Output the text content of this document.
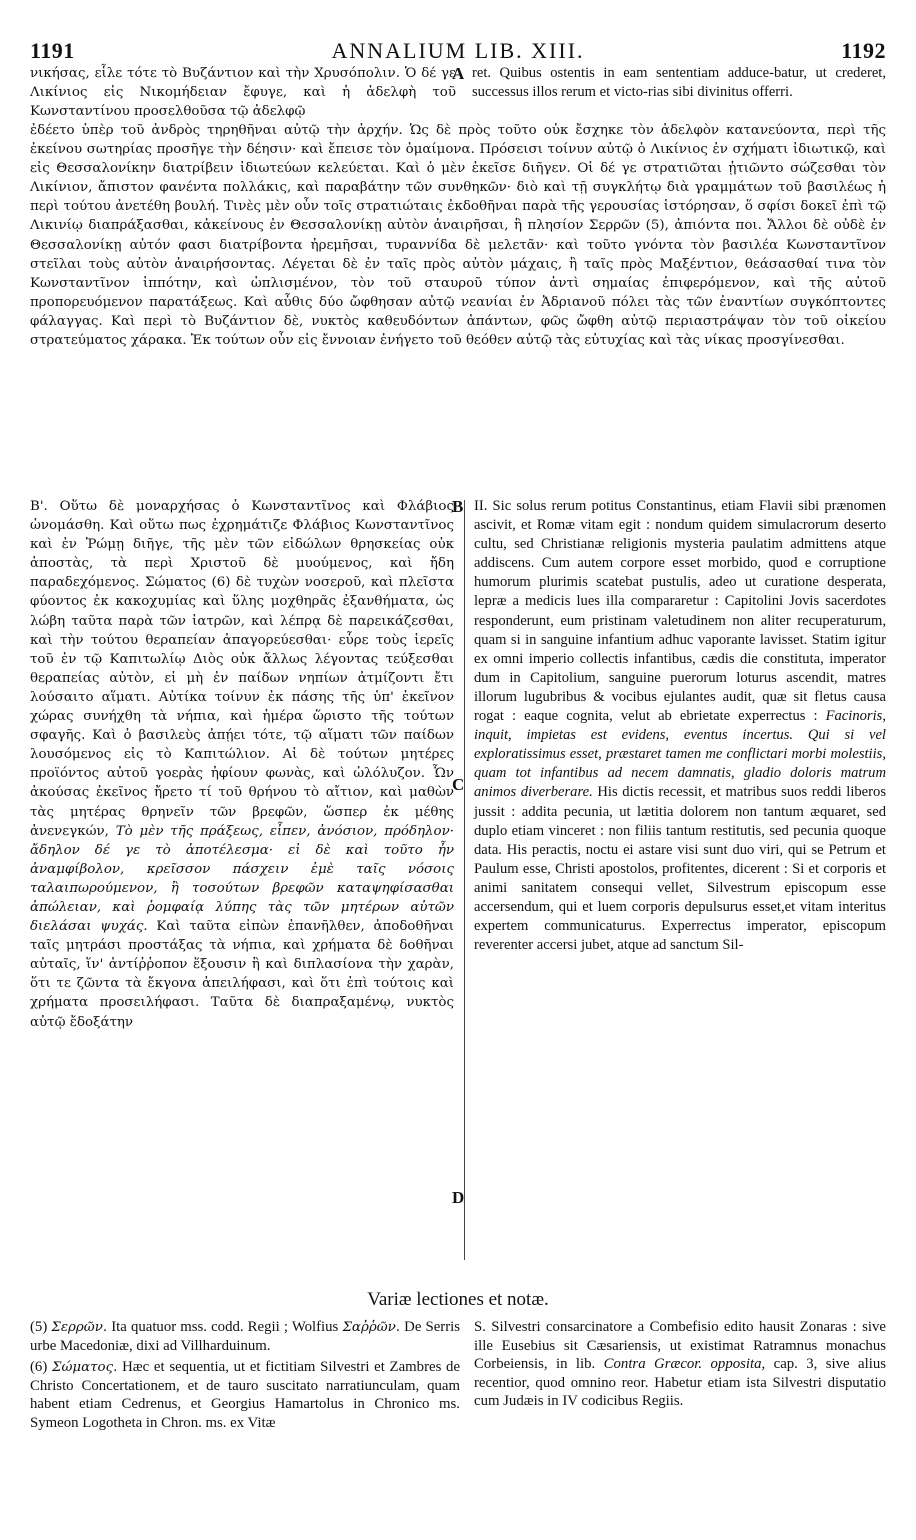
1191	ANNALIUM LIB. XIII.	1192

νικήσας, εἷλε τότε τὸ Βυζάντιον καὶ τὴν Χρυσόπολιν. Ὁ δέ γε Λικίνιος εἰς Νικομήδειαν ἔφυγε, καὶ ἡ ἀδελφὴ τοῦ Κωνσταντίνου προσελθοῦσα τῷ ἀδελφῷ

ret. Quibus ostentis in eam sententiam adduce-batur, ut crederet, successus illos rerum et victo-rias sibi divinitus offerri.

A

ἐδέετο ὑπὲρ τοῦ ἀνδρὸς τηρηθῆναι αὐτῷ τὴν ἀρχήν. Ὡς δὲ πρὸς τοῦτο οὐκ ἔσχηκε τὸν ἀδελφὸν κατανεύοντα, περὶ τῆς ἐκείνου σωτηρίας προσῆγε τὴν δέησιν· καὶ ἔπεισε τὸν ὁμαίμονα. Πρόσεισι τοίνυν αὐτῷ ὁ Λικίνιος ἐν σχήματι ἰδιωτικῷ, καὶ εἰς Θεσσαλονίκην διατρίβειν ἰδιωτεύων κελεύεται. Καὶ ὁ μὲν ἐκεῖσε διῆγεν. Οἱ δέ γε στρατιῶται ᾐτιῶντο σώζεσθαι τὸν Λικίνιον, ἄπιστον φανέντα πολλάκις, καὶ παραβάτην τῶν συνθηκῶν· διὸ καὶ τῇ συγκλήτῳ διὰ γραμμάτων τοῦ βασιλέως ἡ περὶ τούτου ἀνετέθη βουλή. Τινὲς μὲν οὖν τοῖς στρατιώταις ἐκδοθῆναι παρὰ τῆς γερουσίας ἱστόρησαν, ὅ σφίσι δοκεῖ ἐπὶ τῷ Λικινίῳ διαπράξασθαι, κἀκείνους ἐν Θεσσαλονίκῃ αὐτὸν ἀναιρῆσαι, ἢ πλησίον Σερρῶν (5), ἀπιόντα ποι. Ἄλλοι δὲ οὐδὲ ἐν Θεσσαλονίκῃ αὐτόν φασι διατρίβοντα ἠρεμῆσαι, τυραννίδα δὲ μελετᾶν· καὶ τοῦτο γνόντα τὸν βασιλέα Κωνσταντῖνον στεῖλαι τοὺς αὐτὸν ἀναιρήσοντας. Λέγεται δὲ ἐν ταῖς πρὸς αὐτὸν μάχαις, ἢ ταῖς πρὸς Μαξέντιον, θεάσασθαί τινα τὸν Κωνσταντῖνον ἱππότην, καὶ ὡπλισμένον, τὸν τοῦ σταυροῦ τύπον ἀντὶ σημαίας ἐπιφερόμενον, καὶ τῆς αὐτοῦ προπορευόμενον παρατάξεως. Καὶ αὖθις δύο ὤφθησαν αὐτῷ νεανίαι ἐν Ἀδριανοῦ πόλει τὰς τῶν ἐναντίων συγκόπτοντες φάλαγγας. Καὶ περὶ τὸ Βυζάντιον δὲ, νυκτὸς καθευδόντων ἁπάντων, φῶς ὤφθη αὐτῷ περιαστράψαν τὸν τοῦ οἰκείου στρατεύματος χάρακα. Ἐκ τούτων οὖν εἰς ἔννοιαν ἐνήγετο τοῦ θεόθεν αὐτῷ τὰς εὐτυχίας καὶ τὰς νίκας προσγίνεσθαι.

B

Β'. Οὕτω δὲ μοναρχήσας ὁ Κωνσταντῖνος καὶ Φλάβιος ὠνομάσθη. Καὶ οὕτω πως ἐχρημάτιζε Φλάβιος Κωνσταντῖνος καὶ ἐν Ῥώμῃ διῆγε, τῆς μὲν τῶν εἰδώλων θρησκείας οὐκ ἀποστὰς, τὰ περὶ Χριστοῦ δὲ μυούμενος, καὶ ἤδη παραδεχόμενος. Σώματος (6) δὲ τυχὼν νοσεροῦ, καὶ πλεῖστα φύοντος ἐκ κακοχυμίας καὶ ὕλης μοχθηρᾶς ἐξανθήματα, ὡς λώβη ταῦτα παρὰ τῶν ἰατρῶν, καὶ λέπρᾳ δὲ παρεικάζεσθαι, καὶ τὴν τούτου θεραπείαν ἀπαγορεύεσθαι· εὗρε τοὺς ἱερεῖς τοῦ ἐν τῷ Καπιτωλίῳ Διὸς οὐκ ἄλλως λέγοντας τεύξεσθαι θεραπείας αὐτὸν, εἰ μὴ ἐν παίδων νηπίων ἀτμίζοντι ἔτι λούσαιτο αἵματι. Αὐτίκα τοίνυν ἐκ πάσης τῆς ὑπ' ἐκεῖνον χώρας συνήχθη τὰ νήπια, καὶ ἡμέρα ὥριστο τῆς τούτων σφαγῆς. Καὶ ὁ βασιλεὺς ἀπῄει τότε, τῷ αἵματι τῶν παίδων λουσόμενος εἰς τὸ Καπιτώλιον. Αἱ δὲ τούτων μητέρες προϊόντος αὐτοῦ γοερὰς ἠφίουν φωνὰς, καὶ ὠλόλυζον. Ὧν ἀκούσας ἐκεῖνος ἤρετο τί τοῦ θρήνου τὸ αἴτιον, καὶ μαθὼν τὰς μητέρας θρηνεῖν τῶν βρεφῶν, ὥσπερ ἐκ μέθης ἀνενεγκών, Τὸ μὲν τῆς πράξεως, εἶπεν, ἀνόσιον, πρόδηλον· ἄδηλον δέ γε τὸ ἀποτέλεσμα· εἰ δὲ καὶ τοῦτο ἦν ἀναμφίβολον, κρεῖσσον πάσχειν ἐμὲ ταῖς νόσοις ταλαιπωρούμενον, ἢ τοσούτων βρεφῶν καταψηφίσασθαι ἀπώλειαν, καὶ ῥομφαίᾳ λύπης τὰς τῶν μητέρων αὐτῶν διελάσαι ψυχάς. Καὶ ταῦτα εἰπὼν ἐπανῆλθεν, ἀποδοθῆναι ταῖς μητράσι προστάξας τὰ νήπια, καὶ χρήματα δὲ δοθῆναι αὐταῖς, ἵν' ἀντίῤῥοπον ἕξουσιν ἢ καὶ διπλασίονα τὴν χαρὰν, ὅτι τε ζῶντα τὰ ἔκγονα ἀπειλήφασι, καὶ ὅτι ἐπὶ τούτοις καὶ χρήματα προσειλήφασι. Ταῦτα δὲ διαπραξαμένῳ, νυκτὸς αὐτῷ ἔδοξάτην

II. Sic solus rerum potitus Constantinus, etiam Flavii sibi prænomen ascivit, et Romæ vitam egit : nondum quidem simulacrorum deserto cultu, sed Christianæ religionis mysteria paulatim admittens atque addiscens. Cum autem corpore esset morbido, quod e corruptione humorum plurimis scatebat pustulis, adeo ut curatione desperata, lepræ a medicis lues illa compararetur : Capitolini Jovis sacerdotes responderunt, eum pristinam valetudinem non aliter recuperaturum, quam si in sanguine infantium adhuc vaporante lavisset. Statim igitur ex omni imperio collectis infantibus, cædis die constituta, imperator dum in Capitolium, sanguine puerorum loturus ascendit, matres illorum lugubribus & vocibus ejulantes audit, quæ sit fletus causa rogat : eaque cognita, velut ab ebrietate experrectus : Facinoris, inquit, impietas est evidens, eventus incertus. Qui si vel exploratissimus esset, præstaret tamen me conflictari morbi molestiis, quam tot infantibus ad necem damnatis, gladio doloris matrum animos diverberare. His dictis recessit, et matribus suos reddi liberos jussit : addita pecunia, ut lætitia dolorem non tantum æquaret, sed duplo etiam vinceret : non filiis tantum restitutis, sed pecunia quoque data. His peractis, noctu ei astare visi sunt duo viri, qui se Petrum et Paulum esse, Christi apostolos, profitentes, dicerent : Si et corporis et animi sanitatem consequi vellet, Silvestrum episcopum esse accersendum, qui et luem corporis depulsurus esset,et vitam interitus expertem communicaturus. Experrectus imperator, episcopum reverenter accersi jubet, atque ad sanctum Sil-

C
D
Variæ lectiones et notæ.

(5) Σερρῶν. Ita quatuor mss. codd. Regii ; Wolfius Σαῤῥῶν. De Serris urbe Macedoniæ, dixi ad Villharduinum.

(6) Σώματος. Hæc et sequentia, ut et fictitiam Silvestri et Zambres de Christo Concertationem, et de tauro suscitato narratiunculam, quam habent etiam Cedrenus, et Georgius Hamartolus in Chronico ms. Symeon Logotheta in Chron. ms. ex Vitæ

S. Silvestri consarcinatore a Combefisio edito hausit Zonaras : sive ille Eusebius sit Cæsariensis, ut existimat Ratramnus monachus Corbeiensis, in lib. Contra Græcor. opposita, cap. 3, sive alius recentior, quod omnino reor. Habetur etiam ista Silvestri disputatio cum Judæis in IV codicibus Regiis.
